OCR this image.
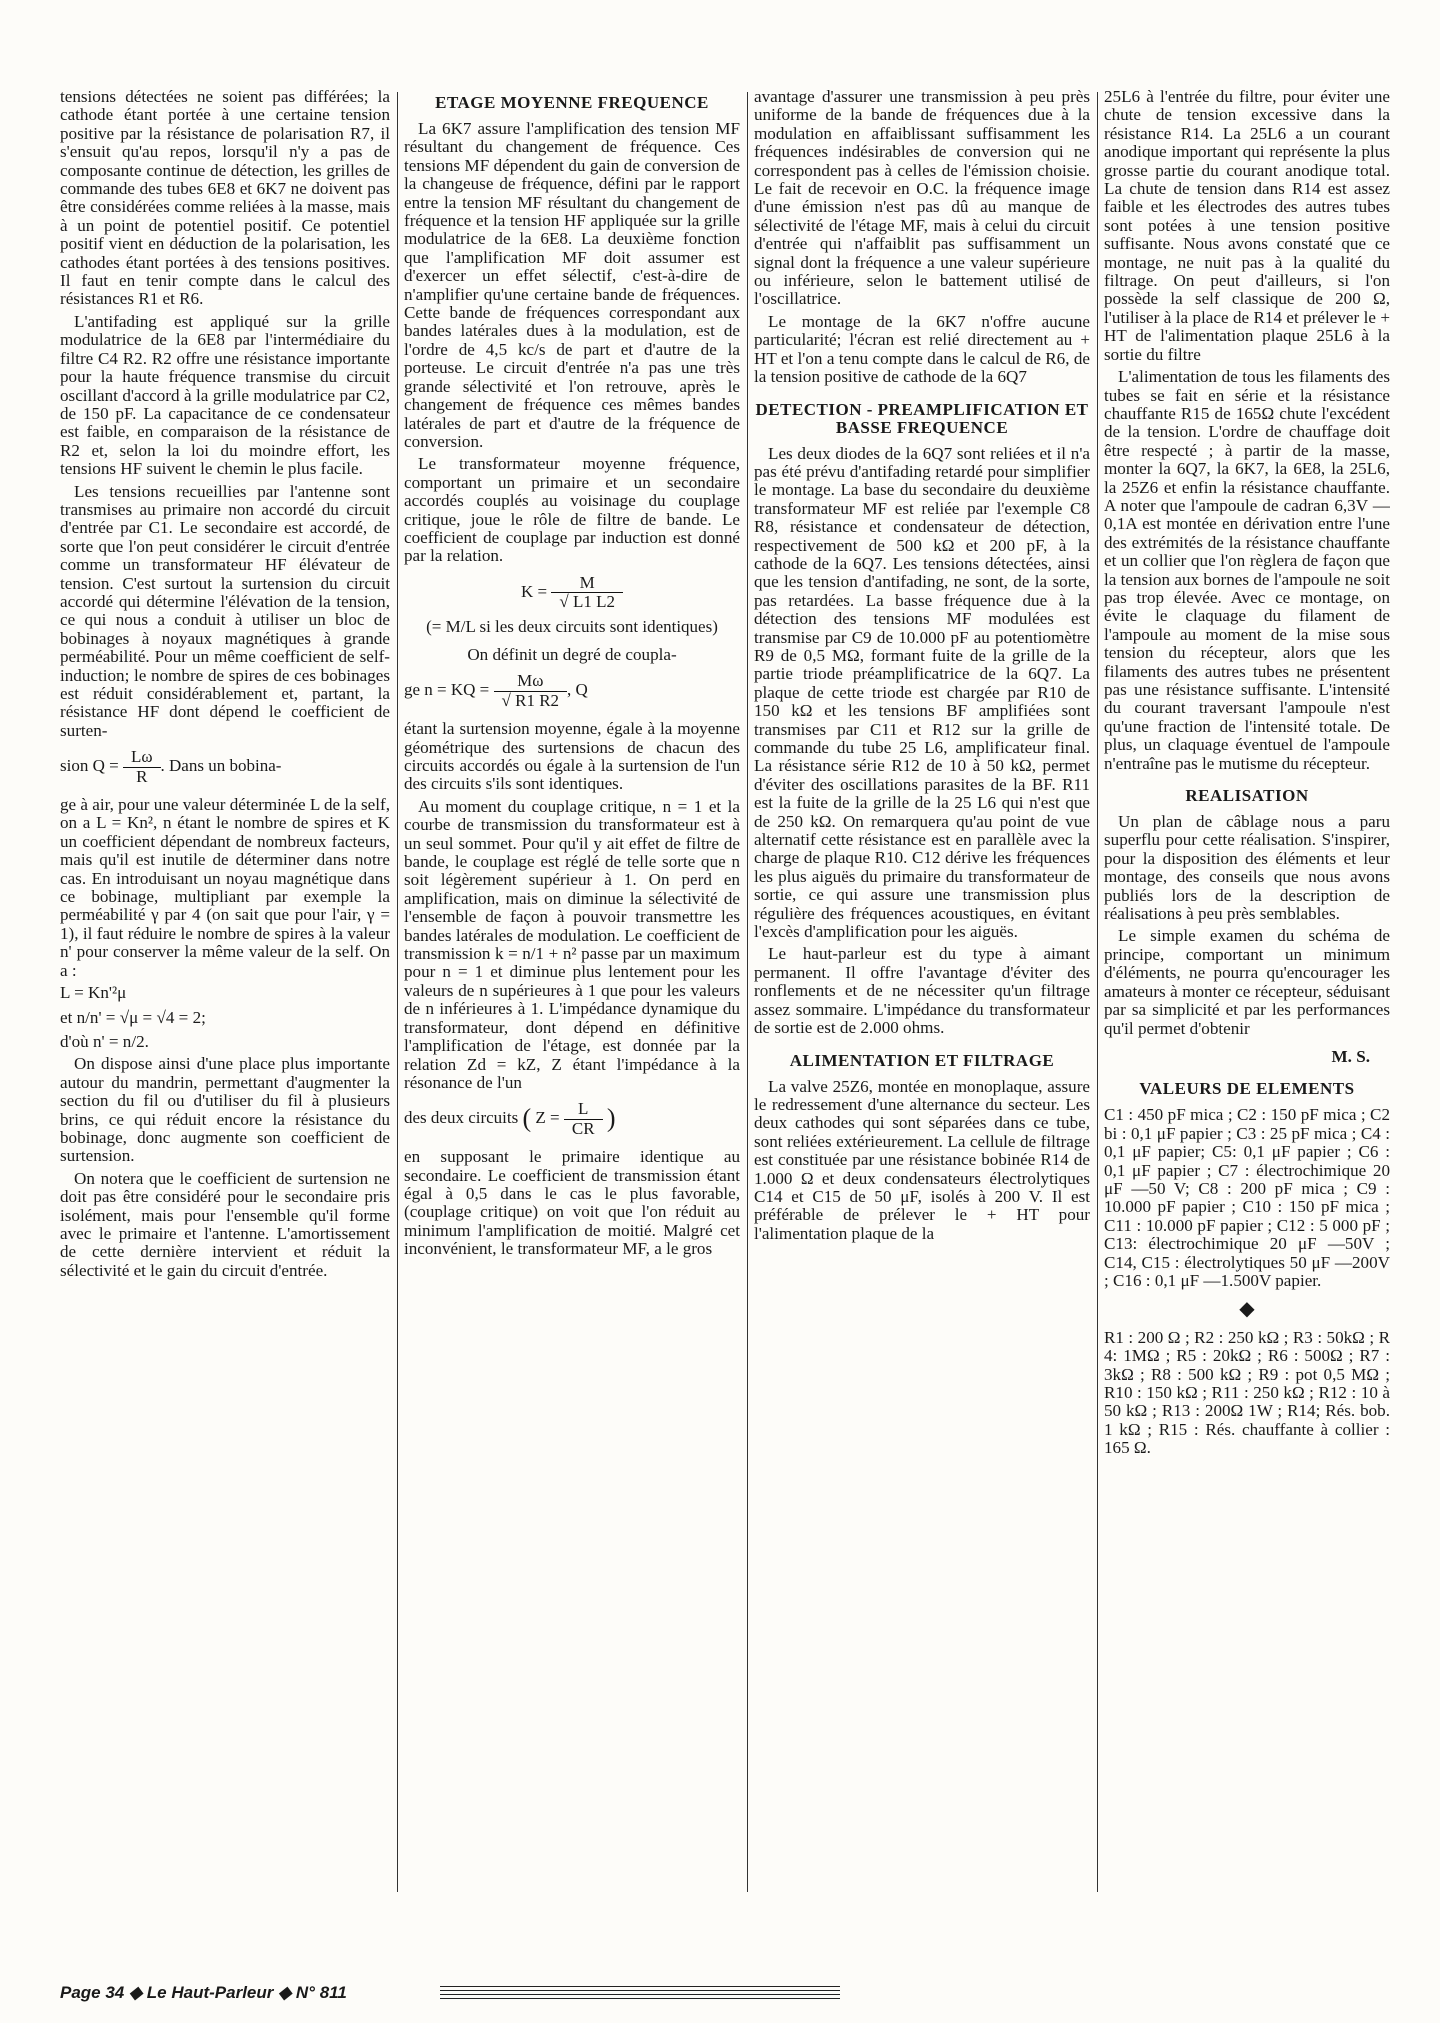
tensions détectées ne soient pas différées; la cathode étant portée à une certaine tension positive par la résistance de polarisation R7, il s'ensuit qu'au repos, lorsqu'il n'y a pas de composante continue de détection, les grilles de commande des tubes 6E8 et 6K7 ne doivent pas être considérées comme reliées à la masse, mais à un point de potentiel positif. Ce potentiel positif vient en déduction de la polarisation, les cathodes étant portées à des tensions positives. Il faut en tenir compte dans le calcul des résistances R1 et R6.

L'antifading est appliqué sur la grille modulatrice de la 6E8 par l'intermédiaire du filtre C4 R2. R2 offre une résistance importante pour la haute fréquence transmise du circuit oscillant d'accord à la grille modulatrice par C2, de 150 pF. La capacitance de ce condensateur est faible, en comparaison de la résistance de R2 et, selon la loi du moindre effort, les tensions HF suivent le chemin le plus facile.

Les tensions recueillies par l'antenne sont transmises au primaire non accordé du circuit d'entrée par C1. Le secondaire est accordé, de sorte que l'on peut considérer le circuit d'entrée comme un transformateur HF élévateur de tension. C'est surtout la surtension du circuit accordé qui détermine l'élévation de la tension, ce qui nous a conduit à utiliser un bloc de bobinages à noyaux magnétiques à grande perméabilité. Pour un même coefficient de self-induction; le nombre de spires de ces bobinages est réduit considérablement et, partant, la résistance HF dont dépend le coefficient de surten-

sion $Q = \frac{L\omega}{R}$ . Dans un bobina-

ge à air, pour une valeur déterminée L de la self, on a L = Kn², n étant le nombre de spires et K un coefficient dépendant de nombreux facteurs, mais qu'il est inutile de déterminer dans notre cas. En introduisant un noyau magnétique dans ce bobinage, multipliant par exemple la perméabilité γ par 4 (on sait que pour l'air, γ = 1), il faut réduire le nombre de spires à la valeur n' pour conserver la même valeur de la self. On a :

L = Kn'²μ

et n/n' = √μ = √4 = 2;

d'où n' = n/2.

On dispose ainsi d'une place plus importante autour du mandrin, permettant d'augmenter la section du fil ou d'utiliser du fil à plusieurs brins, ce qui réduit encore la résistance du bobinage, donc augmente son coefficient de surtension.

On notera que le coefficient de surtension ne doit pas être considéré pour le secondaire pris isolément, mais pour l'ensemble qu'il forme avec le primaire et l'antenne. L'amortissement de cette dernière intervient et réduit la sélectivité et le gain du circuit d'entrée.

ETAGE MOYENNE FREQUENCE

La 6K7 assure l'amplification des tension MF résultant du changement de fréquence. Ces tensions MF dépendent du gain de conversion de la changeuse de fréquence, défini par le rapport entre la tension MF résultant du changement de fréquence et la tension HF appliquée sur la grille modulatrice de la 6E8. La deuxième fonction que l'amplification MF doit assumer est d'exercer un effet sélectif, c'est-à-dire de n'amplifier qu'une certaine bande de fréquences. Cette bande de fréquences correspondant aux bandes latérales dues à la modulation, est de l'ordre de 4,5 kc/s de part et d'autre de la porteuse. Le circuit d'entrée n'a pas une très grande sélectivité et l'on retrouve, après le changement de fréquence ces mêmes bandes latérales de part et d'autre de la fréquence de conversion.

Le transformateur moyenne fréquence, comportant un primaire et un secondaire accordés couplés au voisinage du couplage critique, joue le rôle de filtre de bande. Le coefficient de couplage par induction est donné par la relation.

$K = \frac{M}{√ L1 L2}$
(= M/L si les deux circuits sont identiques)

On définit un degré de coupla-

ge n = KQ = $\frac{M\omega}{√ R1 R2}$ , Q

étant la surtension moyenne, égale à la moyenne géométrique des surtensions de chacun des circuits accordés ou égale à la surtension de l'un des circuits s'ils sont identiques.

Au moment du couplage critique, n = 1 et la courbe de transmission du transformateur est à un seul sommet. Pour qu'il y ait effet de filtre de bande, le couplage est réglé de telle sorte que n soit légèrement supérieur à 1. On perd en amplification, mais on diminue la sélectivité de l'ensemble de façon à pouvoir transmettre les bandes latérales de modulation. Le coefficient de transmission k = n/1 + n² passe par un maximum pour n = 1 et diminue plus lentement pour les valeurs de n supérieures à 1 que pour les valeurs de n inférieures à 1. L'impédance dynamique du transformateur, dont dépend en définitive l'amplification de l'étage, est donnée par la relation Zd = kZ, Z étant l'impédance à la résonance de l'un

des deux circuits ( $Z = \frac{L}{CR}$ )

en supposant le primaire identique au secondaire. Le coefficient de transmission étant égal à 0,5 dans le cas le plus favorable, (couplage critique) on voit que l'on réduit au minimum l'amplification de moitié. Malgré cet inconvénient, le transformateur MF, a le gros

avantage d'assurer une transmission à peu près uniforme de la bande de fréquences due à la modulation en affaiblissant suffisamment les fréquences indésirables de conversion qui ne correspondent pas à celles de l'émission choisie. Le fait de recevoir en O.C. la fréquence image d'une émission n'est pas dû au manque de sélectivité de l'étage MF, mais à celui du circuit d'entrée qui n'affaiblit pas suffisamment un signal dont la fréquence a une valeur supérieure ou inférieure, selon le battement utilisé de l'oscillatrice.

Le montage de la 6K7 n'offre aucune particularité; l'écran est relié directement au + HT et l'on a tenu compte dans le calcul de R6, de la tension positive de cathode de la 6Q7

DETECTION - PREAMPLIFICATION ET BASSE FREQUENCE

Les deux diodes de la 6Q7 sont reliées et il n'a pas été prévu d'antifading retardé pour simplifier le montage. La base du secondaire du deuxième transformateur MF est reliée par l'exemple C8 R8, résistance et condensateur de détection, respectivement de 500 kΩ et 200 pF, à la cathode de la 6Q7. Les tensions détectées, ainsi que les tension d'antifading, ne sont, de la sorte, pas retardées. La basse fréquence due à la détection des tensions MF modulées est transmise par C9 de 10.000 pF au potentiomètre R9 de 0,5 MΩ, formant fuite de la grille de la partie triode préamplificatrice de la 6Q7. La plaque de cette triode est chargée par R10 de 150 kΩ et les tensions BF amplifiées sont transmises par C11 et R12 sur la grille de commande du tube 25 L6, amplificateur final. La résistance série R12 de 10 à 50 kΩ, permet d'éviter des oscillations parasites de la BF. R11 est la fuite de la grille de la 25 L6 qui n'est que de 250 kΩ. On remarquera qu'au point de vue alternatif cette résistance est en parallèle avec la charge de plaque R10. C12 dérive les fréquences les plus aiguës du primaire du transformateur de sortie, ce qui assure une transmission plus régulière des fréquences acoustiques, en évitant l'excès d'amplification pour les aiguës.

Le haut-parleur est du type à aimant permanent. Il offre l'avantage d'éviter des ronflements et de ne nécessiter qu'un filtrage assez sommaire. L'impédance du transformateur de sortie est de 2.000 ohms.

ALIMENTATION ET FILTRAGE

La valve 25Z6, montée en monoplaque, assure le redressement d'une alternance du secteur. Les deux cathodes qui sont séparées dans ce tube, sont reliées extérieurement. La cellule de filtrage est constituée par une résistance bobinée R14 de 1.000 Ω et deux condensateurs électrolytiques C14 et C15 de 50 μF, isolés à 200 V. Il est préférable de prélever le + HT pour l'alimentation plaque de la

25L6 à l'entrée du filtre, pour éviter une chute de tension excessive dans la résistance R14. La 25L6 a un courant anodique important qui représente la plus grosse partie du courant anodique total. La chute de tension dans R14 est assez faible et les électrodes des autres tubes sont potées à une tension positive suffisante. Nous avons constaté que ce montage, ne nuit pas à la qualité du filtrage. On peut d'ailleurs, si l'on possède la self classique de 200 Ω, l'utiliser à la place de R14 et prélever le + HT de l'alimentation plaque 25L6 à la sortie du filtre

L'alimentation de tous les filaments des tubes se fait en série et la résistance chauffante R15 de 165Ω chute l'excédent de la tension. L'ordre de chauffage doit être respecté ; à partir de la masse, monter la 6Q7, la 6K7, la 6E8, la 25L6, la 25Z6 et enfin la résistance chauffante. A noter que l'ampoule de cadran 6,3V —0,1A est montée en dérivation entre l'une des extrémités de la résistance chauffante et un collier que l'on règlera de façon que la tension aux bornes de l'ampoule ne soit pas trop élevée. Avec ce montage, on évite le claquage du filament de l'ampoule au moment de la mise sous tension du récepteur, alors que les filaments des autres tubes ne présentent pas une résistance suffisante. L'intensité du courant traversant l'ampoule n'est qu'une fraction de l'intensité totale. De plus, un claquage éventuel de l'ampoule n'entraîne pas le mutisme du récepteur.

REALISATION

Un plan de câblage nous a paru superflu pour cette réalisation. S'inspirer, pour la disposition des éléments et leur montage, des conseils que nous avons publiés lors de la description de réalisations à peu près semblables.

Le simple examen du schéma de principe, comportant un minimum d'éléments, ne pourra qu'encourager les amateurs à monter ce récepteur, séduisant par sa simplicité et par les performances qu'il permet d'obtenir

M. S.
VALEURS DE ELEMENTS

C1 : 450 pF mica ; C2 : 150 pF mica ; C2 bi : 0,1 μF papier ; C3 : 25 pF mica ; C4 : 0,1 μF papier; C5: 0,1 μF papier ; C6 : 0,1 μF papier ; C7 : électrochimique 20 μF —50 V; C8 : 200 pF mica ; C9 : 10.000 pF papier ; C10 : 150 pF mica ; C11 : 10.000 pF papier ; C12 : 5 000 pF ; C13: électrochimique 20 μF —50V ; C14, C15 : électrolytiques 50 μF —200V ; C16 : 0,1 μF —1.500V papier.

◆

R1 : 200 Ω ; R2 : 250 kΩ ; R3 : 50kΩ ; R 4: 1MΩ ; R5 : 20kΩ ; R6 : 500Ω ; R7 : 3kΩ ; R8 : 500 kΩ ; R9 : pot 0,5 MΩ ; R10 : 150 kΩ ; R11 : 250 kΩ ; R12 : 10 à 50 kΩ ; R13 : 200Ω 1W ; R14; Rés. bob. 1 kΩ ; R15 : Rés. chauffante à collier : 165 Ω.

Page 34 ◆ Le Haut-Parleur ◆ N° 811
